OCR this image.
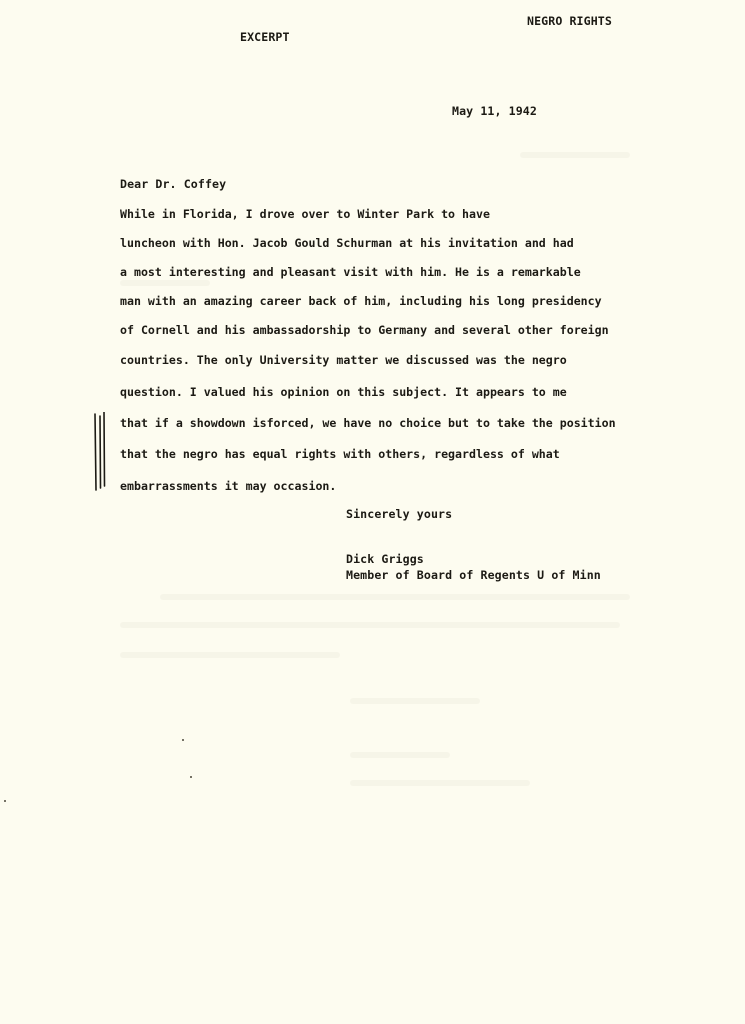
NEGRO RIGHTS
EXCERPT
May 11, 1942
Dear Dr. Coffey
While in Florida, I drove over to Winter Park to have
luncheon with Hon. Jacob Gould Schurman at his invitation and had
a most interesting and pleasant visit with him. He is a remarkable
man with an amazing career back of him, including his long presidency
of Cornell and his ambassadorship to Germany and several other foreign
countries. The only University matter we discussed was the negro
question. I valued his opinion on this subject. It appears to me
that if a showdown isforced, we have no choice but to take the position
that the negro has equal rights with others, regardless of what
embarrassments it may occasion.
Sincerely yours
Dick Griggs
Member of Board of Regents U of Minn
